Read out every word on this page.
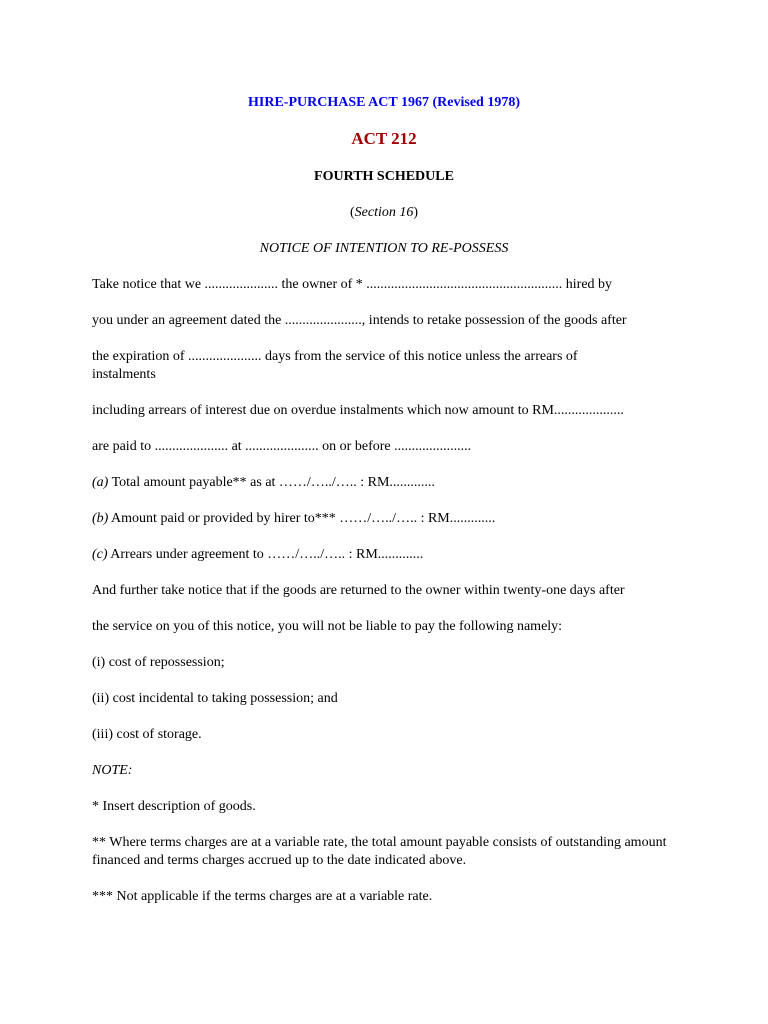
HIRE-PURCHASE ACT 1967 (Revised 1978)

ACT 212

FOURTH SCHEDULE

(Section 16)

NOTICE OF INTENTION TO RE-POSSESS

Take notice that we ..................... the owner of * ........................................................ hired by

you under an agreement dated the ......................, intends to retake possession of the goods after

the expiration of ..................... days from the service of this notice unless the arrears of instalments

including arrears of interest due on overdue instalments which now amount to RM....................

are paid to ..................... at ..................... on or before ......................

(a) Total amount payable** as at ……/…../….. : RM.............

(b) Amount paid or provided by hirer to*** ……/…../….. : RM.............

(c) Arrears under agreement to ……/…../….. : RM.............

And further take notice that if the goods are returned to the owner within twenty-one days after

the service on you of this notice, you will not be liable to pay the following namely:

(i) cost of repossession;

(ii) cost incidental to taking possession; and

(iii) cost of storage.

NOTE:

* Insert description of goods.

** Where terms charges are at a variable rate, the total amount payable consists of outstanding amount financed and terms charges accrued up to the date indicated above.

*** Not applicable if the terms charges are at a variable rate.
